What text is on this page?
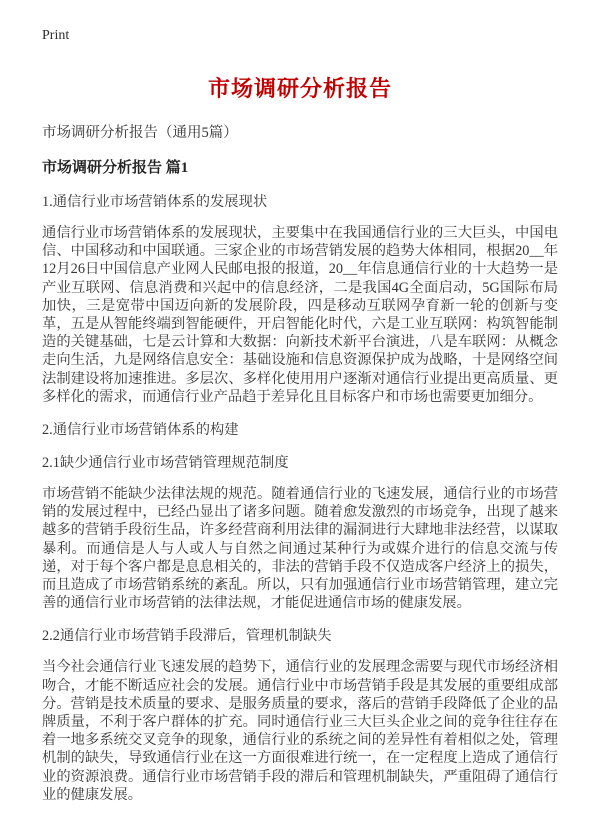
Print
市场调研分析报告

市场调研分析报告（通用5篇）

市场调研分析报告 篇1

1.通信行业市场营销体系的发展现状

通信行业市场营销体系的发展现状，主要集中在我国通信行业的三大巨头，中国电信、中国移动和中国联通。三家企业的市场营销发展的趋势大体相同，根据20__年12月26日中国信息产业网人民邮电报的报道，20__年信息通信行业的十大趋势一是产业互联网、信息消费和兴起中的信息经济，二是我国4G全面启动，5G国际布局加快，三是宽带中国迈向新的发展阶段，四是移动互联网孕育新一轮的创新与变革，五是从智能终端到智能硬件，开启智能化时代，六是工业互联网：构筑智能制造的关键基础，七是云计算和大数据：向新技术新平台演进，八是车联网：从概念走向生活，九是网络信息安全：基础设施和信息资源保护成为战略，十是网络空间法制建设将加速推进。多层次、多样化使用用户逐渐对通信行业提出更高质量、更多样化的需求，而通信行业产品趋于差异化且目标客户和市场也需要更加细分。

2.通信行业市场营销体系的构建

2.1缺少通信行业市场营销管理规范制度

市场营销不能缺少法律法规的规范。随着通信行业的飞速发展，通信行业的市场营销的发展过程中，已经凸显出了诸多问题。随着愈发激烈的市场竞争，出现了越来越多的营销手段衍生品，许多经营商利用法律的漏洞进行大肆地非法经营，以谋取暴利。而通信是人与人或人与自然之间通过某种行为或媒介进行的信息交流与传递，对于每个客户都是息息相关的，非法的营销手段不仅造成客户经济上的损失，而且造成了市场营销系统的紊乱。所以，只有加强通信行业市场营销管理，建立完善的通信行业市场营销的法律法规，才能促进通信市场的健康发展。

2.2通信行业市场营销手段滞后，管理机制缺失

当今社会通信行业飞速发展的趋势下，通信行业的发展理念需要与现代市场经济相吻合，才能不断适应社会的发展。通信行业中市场营销手段是其发展的重要组成部分。营销是技术质量的要求、是服务质量的要求，落后的营销手段降低了企业的品牌质量，不利于客户群体的扩充。同时通信行业三大巨头企业之间的竞争往往存在着一地多系统交叉竞争的现象，通信行业的系统之间的差异性有着相似之处，管理机制的缺失，导致通信行业在这一方面很难进行统一，在一定程度上造成了通信行业的资源浪费。通信行业市场营销手段的滞后和管理机制缺失，严重阻碍了通信行业的健康发展。
